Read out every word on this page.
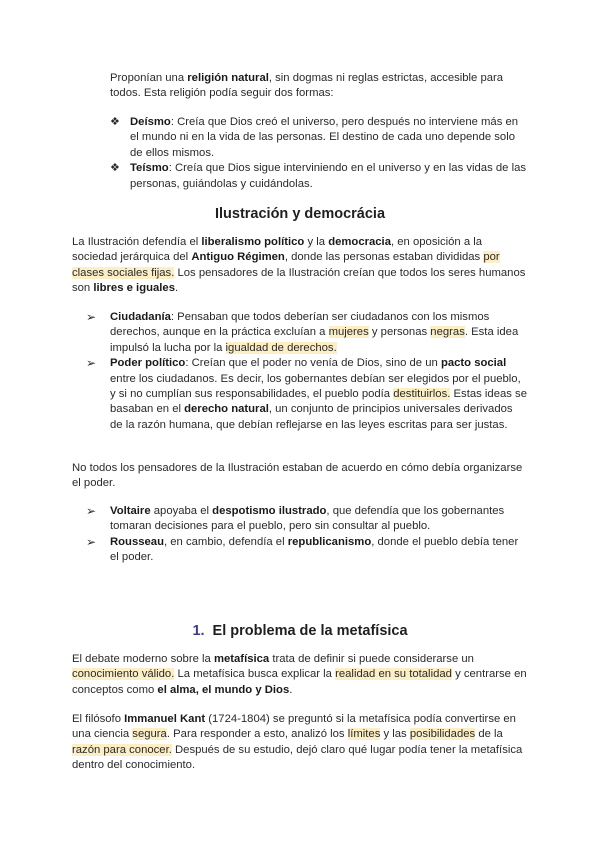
Proponían una religión natural, sin dogmas ni reglas estrictas, accesible para todos. Esta religión podía seguir dos formas:

❖ Deísmo: Creía que Dios creó el universo, pero después no interviene más en el mundo ni en la vida de las personas. El destino de cada uno depende solo de ellos mismos.
❖ Teísmo: Creía que Dios sigue interviniendo en el universo y en las vidas de las personas, guiándolas y cuidándolas.
Ilustración y democrácia

La Ilustración defendía el liberalismo político y la democracia, en oposición a la sociedad jerárquica del Antiguo Régimen, donde las personas estaban divididas por clases sociales fijas. Los pensadores de la Ilustración creían que todos los seres humanos son libres e iguales.

➢ Ciudadanía: Pensaban que todos deberían ser ciudadanos con los mismos derechos, aunque en la práctica excluían a mujeres y personas negras. Esta idea impulsó la lucha por la igualdad de derechos.
➢ Poder político: Creían que el poder no venía de Dios, sino de un pacto social entre los ciudadanos. Es decir, los gobernantes debían ser elegidos por el pueblo, y si no cumplían sus responsabilidades, el pueblo podía destituirlos. Estas ideas se basaban en el derecho natural, un conjunto de principios universales derivados de la razón humana, que debían reflejarse en las leyes escritas para ser justas.

No todos los pensadores de la Ilustración estaban de acuerdo en cómo debía organizarse el poder.

➢ Voltaire apoyaba el despotismo ilustrado, que defendía que los gobernantes tomaran decisiones para el pueblo, pero sin consultar al pueblo.
➢ Rousseau, en cambio, defendía el republicanismo, donde el pueblo debía tener el poder.
1. El problema de la metafísica

El debate moderno sobre la metafísica trata de definir si puede considerarse un conocimiento válido. La metafísica busca explicar la realidad en su totalidad y centrarse en conceptos como el alma, el mundo y Dios.

El filósofo Immanuel Kant (1724-1804) se preguntó si la metafísica podía convertirse en una ciencia segura. Para responder a esto, analizó los límites y las posibilidades de la razón para conocer. Después de su estudio, dejó claro qué lugar podía tener la metafísica dentro del conocimiento.
